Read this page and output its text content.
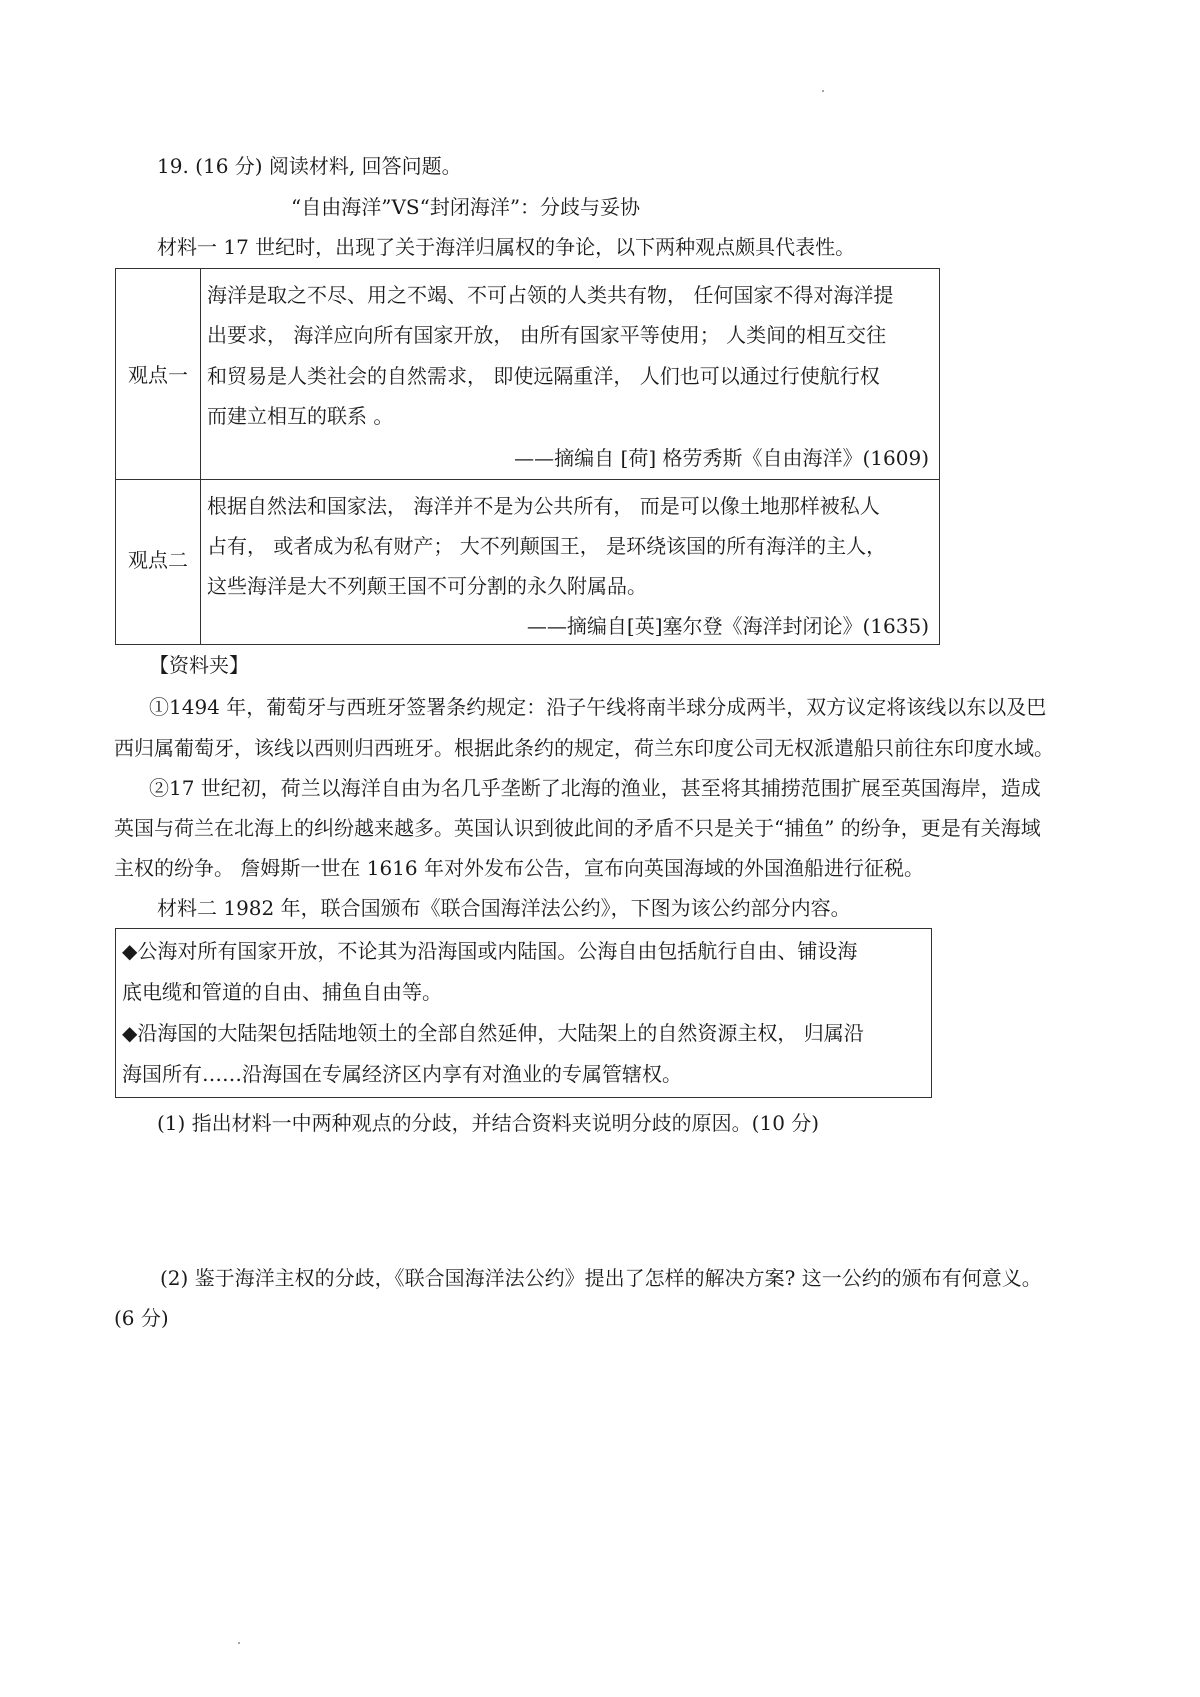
19. (16 分) 阅读材料, 回答问题。
“自由海洋”VS“封闭海洋”：分歧与妥协
材料一 17 世纪时，出现了关于海洋归属权的争论，以下两种观点颇具代表性。
观点一
海洋是取之不尽、用之不竭、不可占领的人类共有物， 任何国家不得对海洋提
出要求， 海洋应向所有国家开放， 由所有国家平等使用； 人类间的相互交往
和贸易是人类社会的自然需求， 即使远隔重洋， 人们也可以通过行使航行权
而建立相互的联系 。
——摘编自 [荷] 格劳秀斯《自由海洋》(1609)
观点二
根据自然法和国家法， 海洋并不是为公共所有， 而是可以像土地那样被私人
占有， 或者成为私有财产； 大不列颠国王， 是环绕该国的所有海洋的主人，
这些海洋是大不列颠王国不可分割的永久附属品。
——摘编自[英]塞尔登《海洋封闭论》(1635)
【资料夹】
①1494 年，葡萄牙与西班牙签署条约规定：沿子午线将南半球分成两半，双方议定将该线以东以及巴
西归属葡萄牙，该线以西则归西班牙。根据此条约的规定，荷兰东印度公司无权派遣船只前往东印度水域。
②17 世纪初，荷兰以海洋自由为名几乎垄断了北海的渔业，甚至将其捕捞范围扩展至英国海岸，造成
英国与荷兰在北海上的纠纷越来越多。英国认识到彼此间的矛盾不只是关于“捕鱼” 的纷争，更是有关海域
主权的纷争。 詹姆斯一世在 1616 年对外发布公告，宣布向英国海域的外国渔船进行征税。
材料二 1982 年，联合国颁布《联合国海洋法公约》，下图为该公约部分内容。
◆公海对所有国家开放，不论其为沿海国或内陆国。公海自由包括航行自由、铺设海
底电缆和管道的自由、捕鱼自由等。
◆沿海国的大陆架包括陆地领土的全部自然延伸，大陆架上的自然资源主权， 归属沿
海国所有……沿海国在专属经济区内享有对渔业的专属管辖权。
(1) 指出材料一中两种观点的分歧，并结合资料夹说明分歧的原因。(10 分)
(2) 鉴于海洋主权的分歧，《联合国海洋法公约》提出了怎样的解决方案? 这一公约的颁布有何意义。
(6 分)
